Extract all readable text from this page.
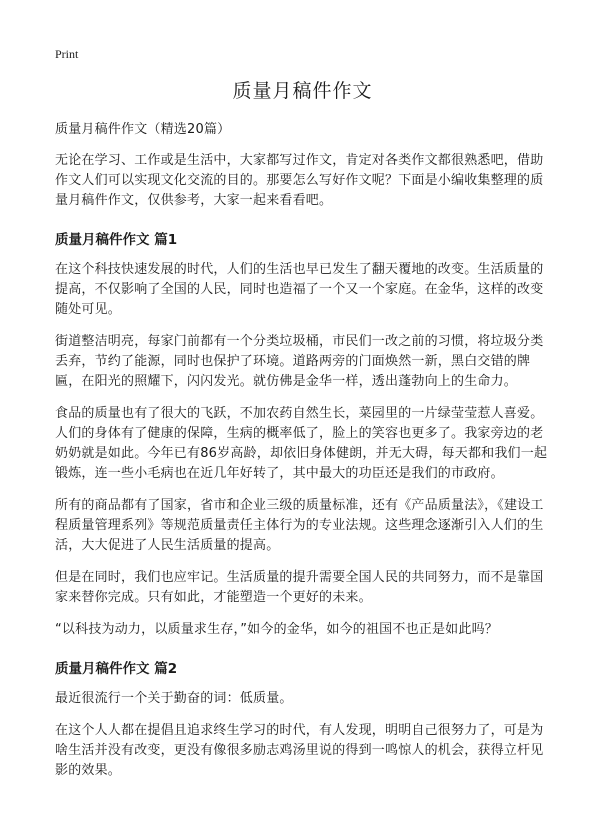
Print
质量月稿件作文

质量月稿件作文（精选20篇）

无论在学习、工作或是生活中，大家都写过作文，肯定对各类作文都很熟悉吧，借助作文人们可以实现文化交流的目的。那要怎么写好作文呢？下面是小编收集整理的质量月稿件作文，仅供参考，大家一起来看看吧。

质量月稿件作文 篇1

在这个科技快速发展的时代，人们的生活也早已发生了翻天覆地的改变。生活质量的提高，不仅影响了全国的人民，同时也造福了一个又一个家庭。在金华，这样的改变随处可见。

街道整洁明亮，每家门前都有一个分类垃圾桶，市民们一改之前的习惯，将垃圾分类丢弃，节约了能源，同时也保护了环境。道路两旁的门面焕然一新，黑白交错的牌匾，在阳光的照耀下，闪闪发光。就仿佛是金华一样，透出蓬勃向上的生命力。

食品的质量也有了很大的飞跃，不加农药自然生长，菜园里的一片绿莹莹惹人喜爱。人们的身体有了健康的保障，生病的概率低了，脸上的笑容也更多了。我家旁边的老奶奶就是如此。今年已有86岁高龄，却依旧身体健朗，并无大碍，每天都和我们一起锻炼，连一些小毛病也在近几年好转了，其中最大的功臣还是我们的市政府。

所有的商品都有了国家，省市和企业三级的质量标准，还有《产品质量法》，《建设工程质量管理系列》等规范质量责任主体行为的专业法规。这些理念逐渐引入人们的生活，大大促进了人民生活质量的提高。

但是在同时，我们也应牢记。生活质量的提升需要全国人民的共同努力，而不是靠国家来替你完成。只有如此，才能塑造一个更好的未来。

“以科技为动力，以质量求生存，”如今的金华，如今的祖国不也正是如此吗？

质量月稿件作文 篇2

最近很流行一个关于勤奋的词：低质量。

在这个人人都在提倡且追求终生学习的时代，有人发现，明明自己很努力了，可是为啥生活并没有改变，更没有像很多励志鸡汤里说的得到一鸣惊人的机会，获得立杆见影的效果。
